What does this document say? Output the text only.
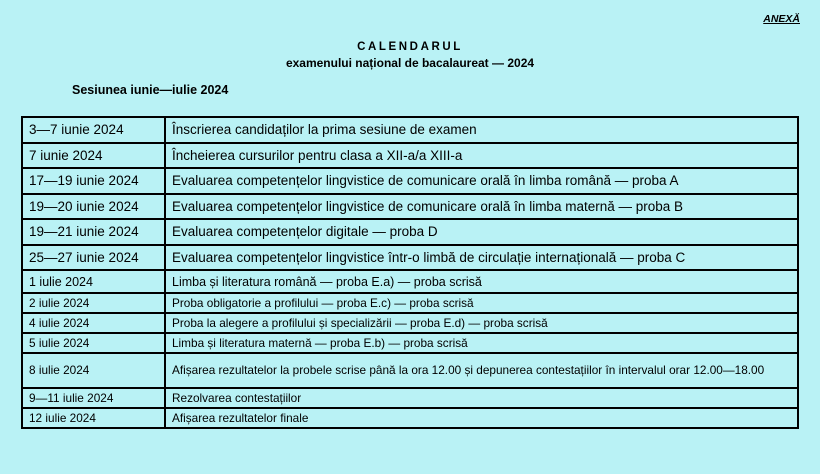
ANEXĂ
CALENDARUL
examenului național de bacalaureat — 2024
Sesiunea iunie—iulie 2024
3—7 iunie 2024	Înscrierea candidaților la prima sesiune de examen
7 iunie 2024	Încheierea cursurilor pentru clasa a XII-a/a XIII-a
17—19 iunie 2024	Evaluarea competențelor lingvistice de comunicare orală în limba română — proba A
19—20 iunie 2024	Evaluarea competențelor lingvistice de comunicare orală în limba maternă — proba B
19—21 iunie 2024	Evaluarea competențelor digitale — proba D
25—27 iunie 2024	Evaluarea competențelor lingvistice într-o limbă de circulație internațională — proba C
1 iulie 2024	Limba și literatura română — proba E.a) — proba scrisă
2 iulie 2024	Proba obligatorie a profilului — proba E.c) — proba scrisă
4 iulie 2024	Proba la alegere a profilului și specializării — proba E.d) — proba scrisă
5 iulie 2024	Limba și literatura maternă — proba E.b) — proba scrisă
8 iulie 2024	Afișarea rezultatelor la probele scrise până la ora 12.00 și depunerea contestațiilor în intervalul orar 12.00—18.00
9—11 iulie 2024	Rezolvarea contestațiilor
12 iulie 2024	Afișarea rezultatelor finale
